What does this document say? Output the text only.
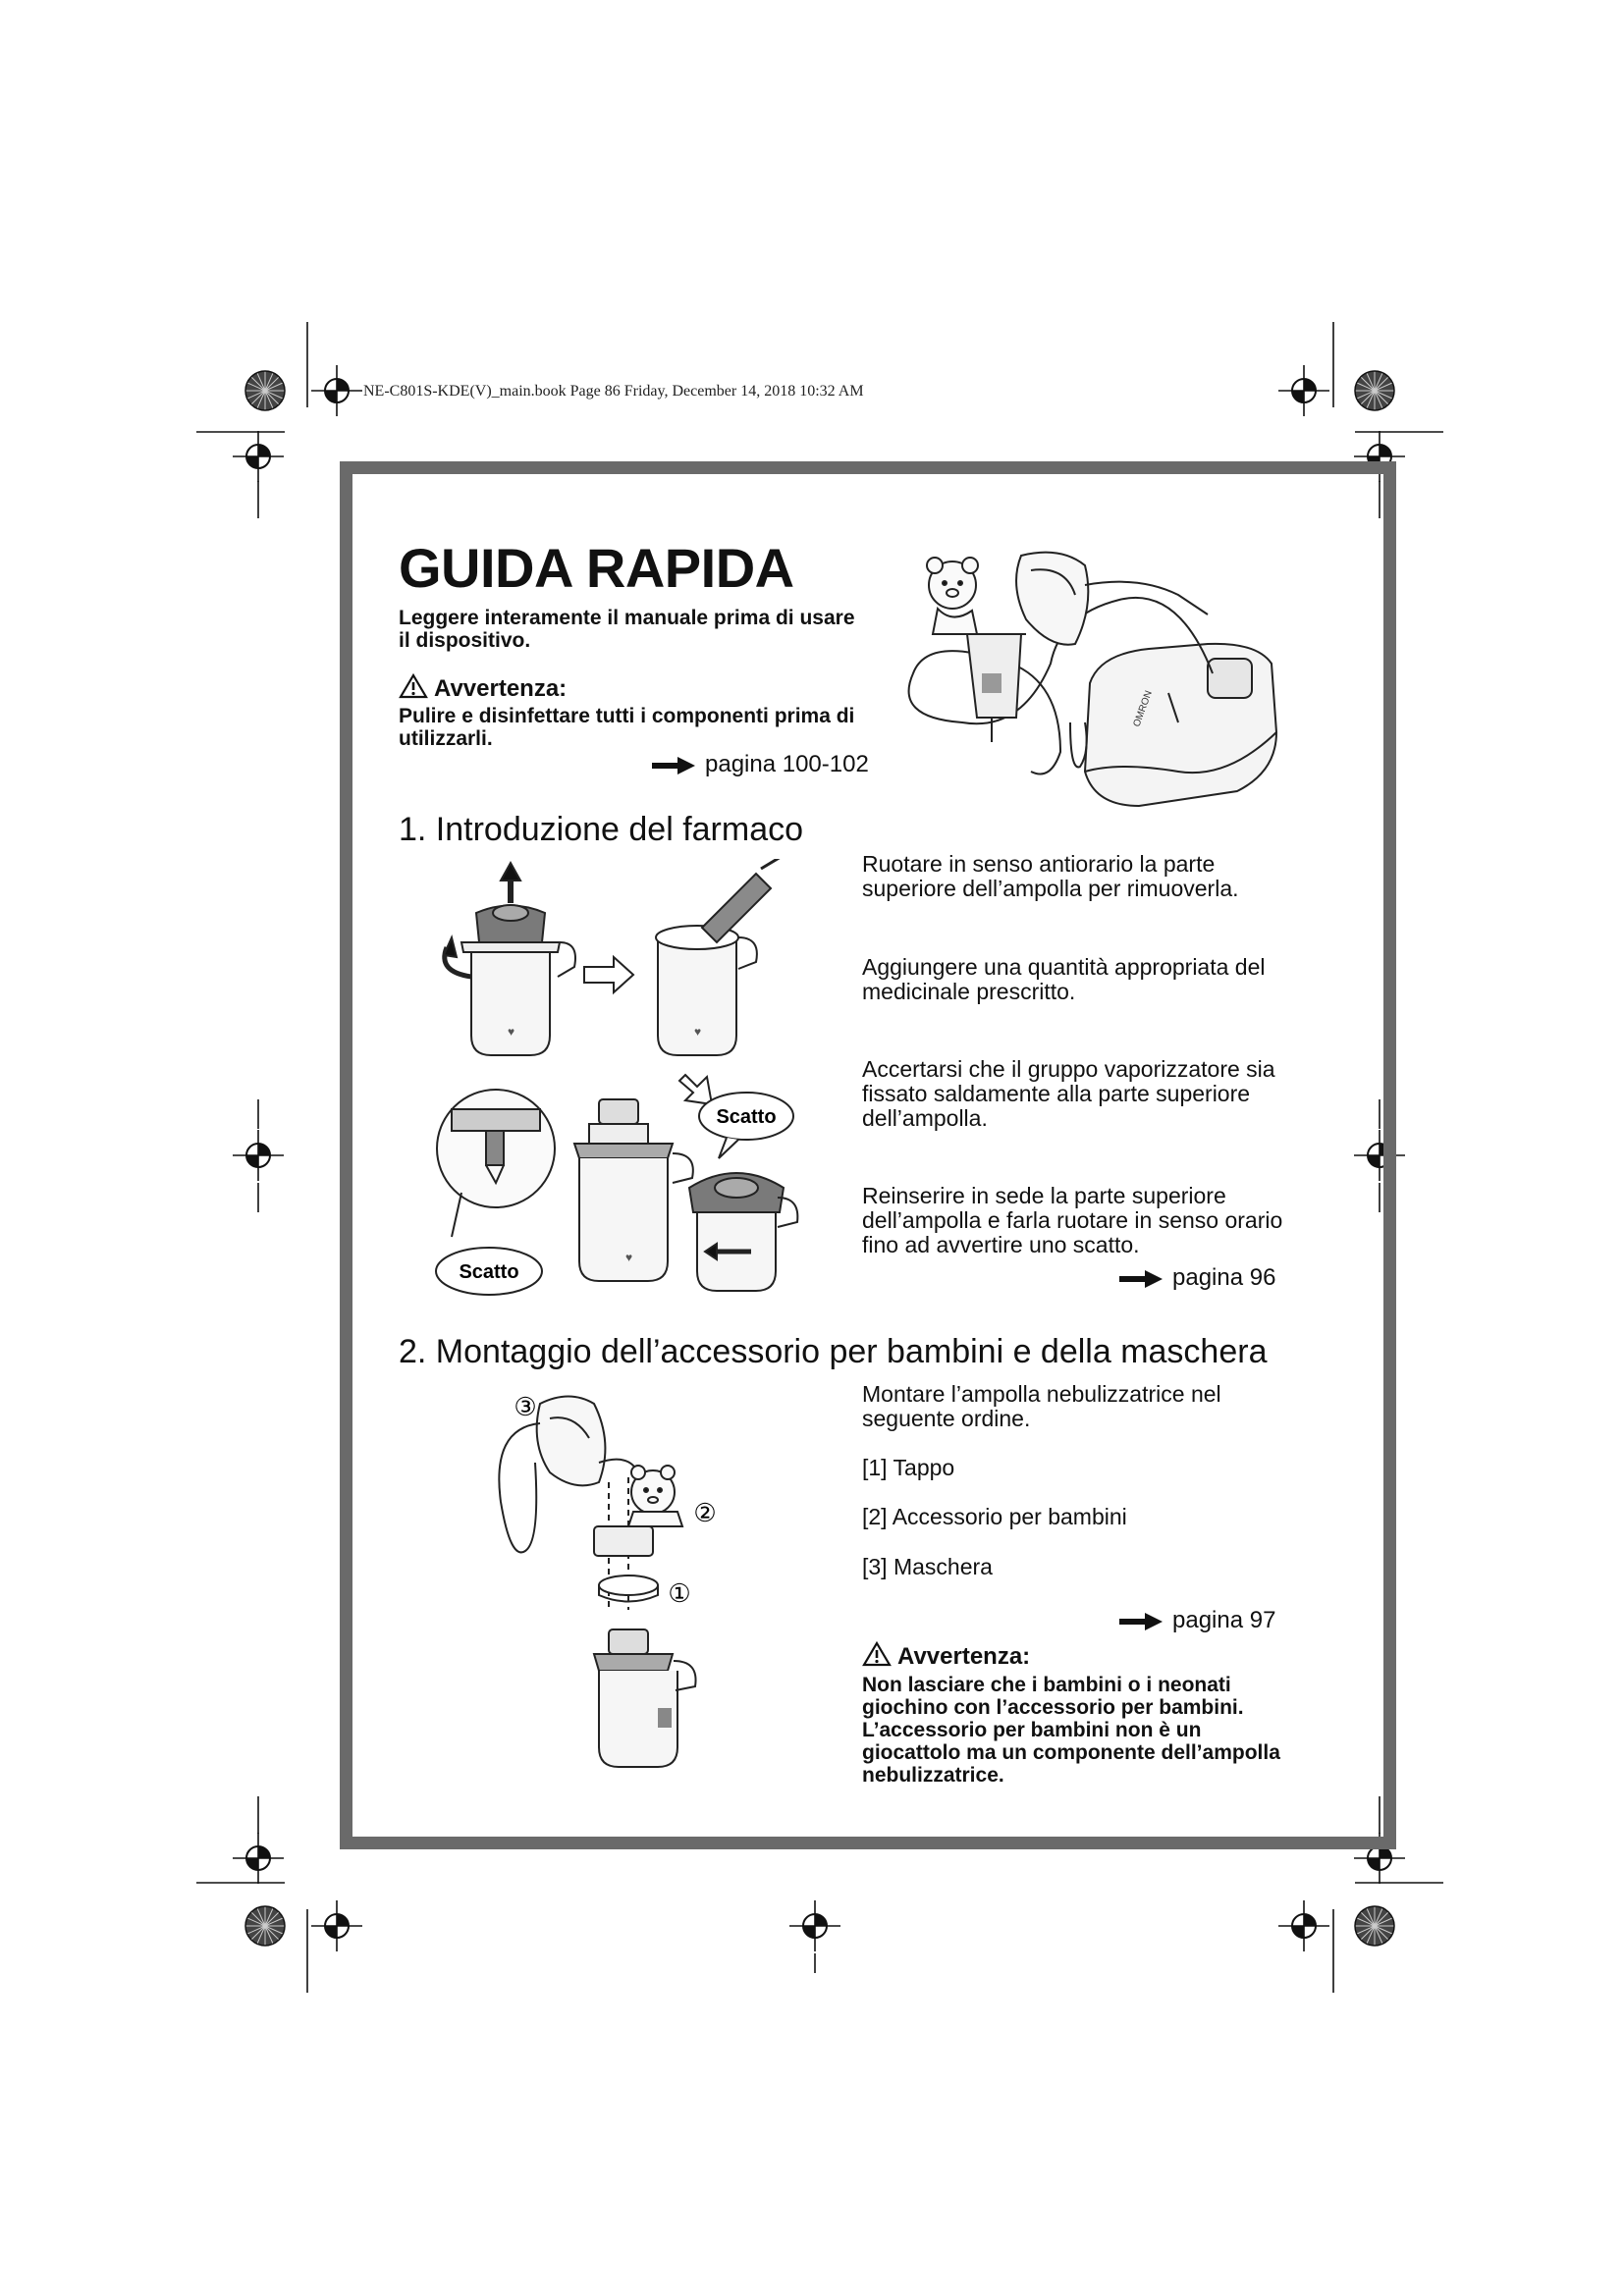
NE-C801S-KDE(V)_main.book Page 86 Friday, December 14, 2018 10:32 AM
GUIDA RAPIDA
Leggere interamente il manuale prima di usare il dispositivo.
Avvertenza:
Pulire e disinfettare tutti i componenti prima di utilizzarli.
pagina 100-102
OMRON
1. Introduzione del farmaco
Ruotare in senso antiorario la parte superiore dell’ampolla per rimuoverla.
Aggiungere una quantità appropriata del medicinale prescritto.
Accertarsi che il gruppo vaporizzatore sia fissato saldamente alla parte superiore dell’ampolla.
Reinserire in sede la parte superiore dell’ampolla e farla ruotare in senso orario fino ad avvertire uno scatto.
pagina 96
♥	♥
♥
Scatto
Scatto
2. Montaggio dell’accessorio per bambini e della maschera
Montare l’ampolla nebulizzatrice nel seguente ordine.
[1] Tappo
[2] Accessorio per bambini
[3] Maschera
pagina 97
Avvertenza:
Non lasciare che i bambini o i neonati giochino con l’accessorio per bambini. L’accessorio per bambini non è un giocattolo ma un componente dell’ampolla nebulizzatrice.
③
②
①
